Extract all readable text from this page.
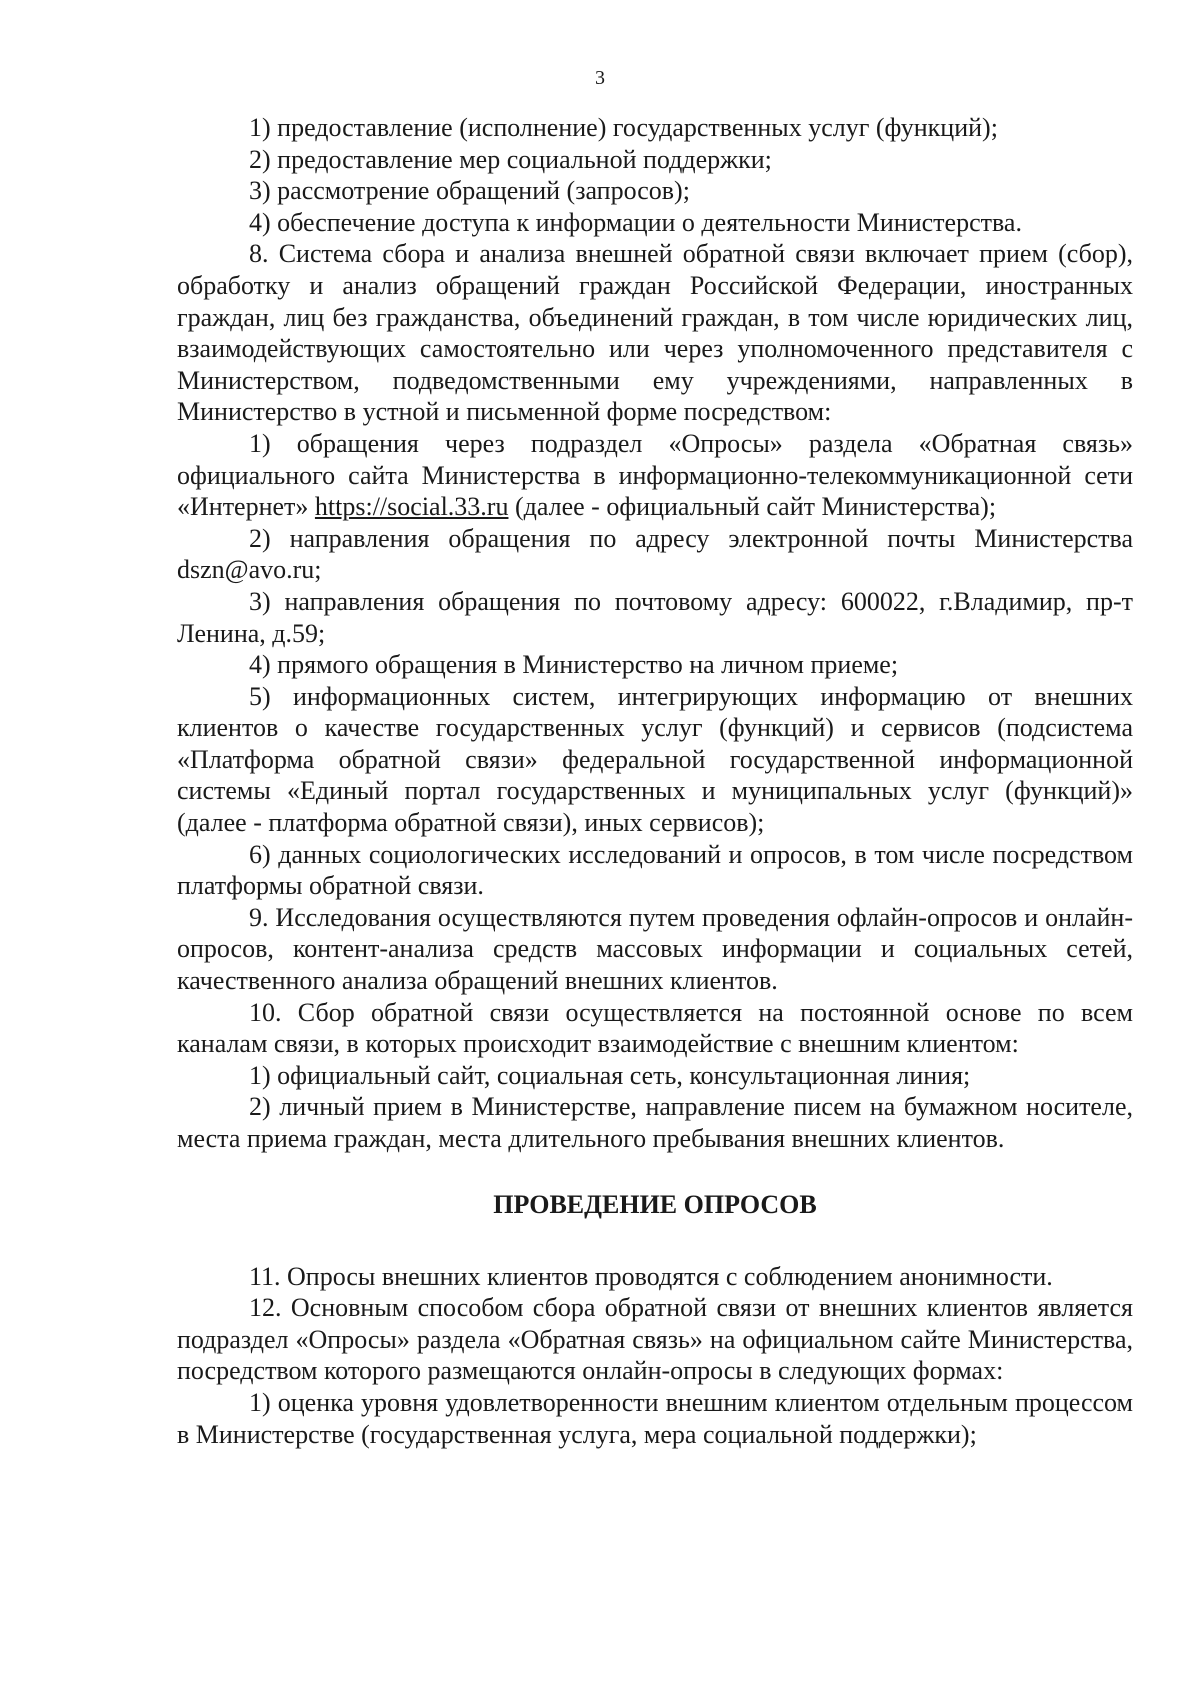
3

1) предоставление (исполнение) государственных услуг (функций);

2) предоставление мер социальной поддержки;

3) рассмотрение обращений (запросов);

4) обеспечение доступа к информации о деятельности Министерства.

8. Система сбора и анализа внешней обратной связи включает прием (сбор), обработку и анализ обращений граждан Российской Федерации, иностранных граждан, лиц без гражданства, объединений граждан, в том числе юридических лиц, взаимодействующих самостоятельно или через уполномоченного представителя с Министерством, подведомственными ему учреждениями, направленных в Министерство в устной и письменной форме посредством:

1) обращения через подраздел «Опросы» раздела «Обратная связь» официального сайта Министерства в информационно-телекоммуникационной сети «Интернет» https://social.33.ru (далее - официальный сайт Министерства);

2) направления обращения по адресу электронной почты Министерства dszn@avo.ru;

3) направления обращения по почтовому адресу: 600022, г.Владимир, пр-т Ленина, д.59;

4) прямого обращения в Министерство на личном приеме;

5) информационных систем, интегрирующих информацию от внешних клиентов о качестве государственных услуг (функций) и сервисов (подсистема «Платформа обратной связи» федеральной государственной информационной системы «Единый портал государственных и муниципальных услуг (функций)» (далее - платформа обратной связи), иных сервисов);

6) данных социологических исследований и опросов, в том числе посредством платформы обратной связи.

9. Исследования осуществляются путем проведения офлайн-опросов и онлайн-опросов, контент-анализа средств массовых информации и социальных сетей, качественного анализа обращений внешних клиентов.

10. Сбор обратной связи осуществляется на постоянной основе по всем каналам связи, в которых происходит взаимодействие с внешним клиентом:

1) официальный сайт, социальная сеть, консультационная линия;

2) личный прием в Министерстве, направление писем на бумажном носителе, места приема граждан, места длительного пребывания внешних клиентов.

ПРОВЕДЕНИЕ ОПРОСОВ

11. Опросы внешних клиентов проводятся с соблюдением анонимности.

12. Основным способом сбора обратной связи от внешних клиентов является подраздел «Опросы» раздела «Обратная связь» на официальном сайте Министерства, посредством которого размещаются онлайн-опросы в следующих формах:

1) оценка уровня удовлетворенности внешним клиентом отдельным процессом в Министерстве (государственная услуга, мера социальной поддержки);
